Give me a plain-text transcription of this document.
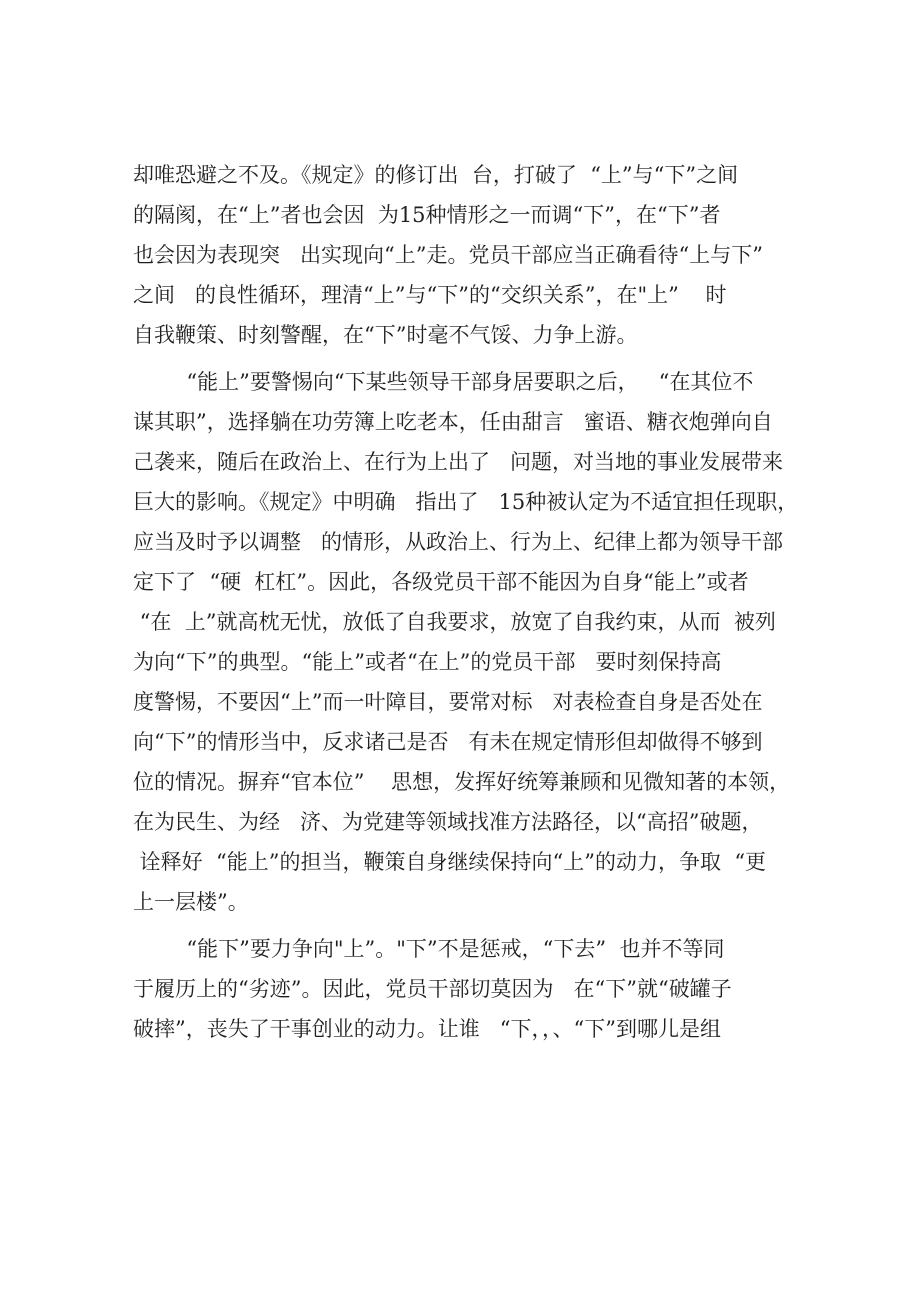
却唯恐避之不及。《规定》的修订出  台，打破了  “上”与“下”之间
的隔阂，在“上”者也会因  为15种情形之一而调“下”，在“下”者
也会因为表现突   出实现向“上”走。党员干部应当正确看待“上与下”
之间   的良性循环，理清“上”与“下”的“交织关系”，在"上”    时
自我鞭策、时刻警醒，在“下”时毫不气馁、力争上游。
“能上”要警惕向“下某些领导干部身居要职之后，   “在其位不
谋其职”，选择躺在功劳簿上吃老本，任由甜言   蜜语、糖衣炮弹向自
己袭来，随后在政治上、在行为上出了   问题，对当地的事业发展带来
巨大的影响。《规定》中明确   指出了   15种被认定为不适宜担任现职，
应当及时予以调整   的情形，从政治上、行为上、纪律上都为领导干部
定下了  “硬  杠杠”。因此，各级党员干部不能因为自身“能上”或者
“在  上”就高枕无忧，放低了自我要求，放宽了自我约束，从而  被列
为向“下”的典型。“能上”或者“在上”的党员干部   要时刻保持高
度警惕，不要因“上”而一叶障目，要常对标   对表检查自身是否处在
向“下”的情形当中，反求诸己是否   有未在规定情形但却做得不够到
位的情况。摒弃“官本位”    思想，发挥好统筹兼顾和见微知著的本领，
在为民生、为经   济、为党建等领域找准方法路径，以“高招”破题，
诠释好  “能上”的担当，鞭策自身继续保持向“上”的动力，争取  “更
上一层楼”。
“能下”要力争向"上”。"下”不是惩戒，“下去”  也并不等同
于履历上的“劣迹”。因此，党员干部切莫因为   在“下”就“破罐子
破摔”，丧失了干事创业的动力。让谁   “下，，、“下”到哪儿是组
